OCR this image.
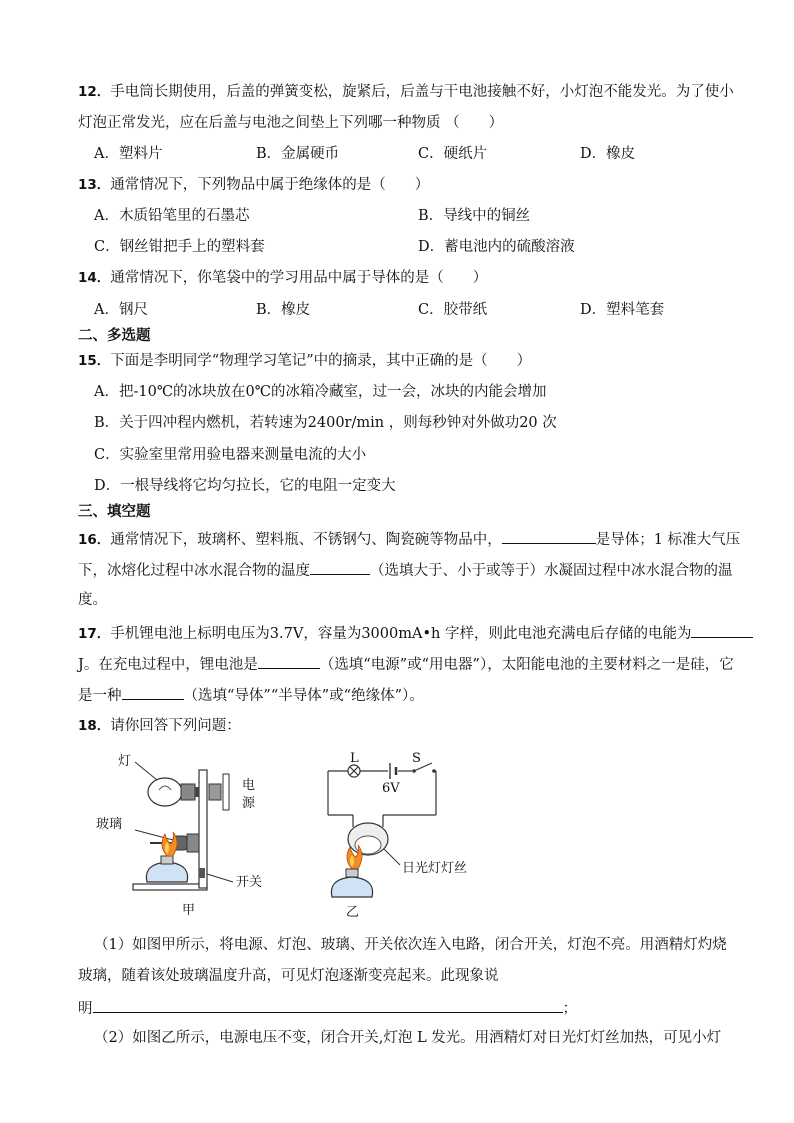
12．手电筒长期使用，后盖的弹簧变松，旋紧后，后盖与干电池接触不好，小灯泡不能发光。为了使小
灯泡正常发光，应在后盖与电池之间垫上下列哪一种物质 （　　）
A．塑料片	B．金属硬币	C．硬纸片	D．橡皮
13．通常情况下，下列物品中属于绝缘体的是（　　）
A．木质铅笔里的石墨芯	B．导线中的铜丝
C．钢丝钳把手上的塑料套	D．蓄电池内的硫酸溶液
14．通常情况下，你笔袋中的学习用品中属于导体的是（　　）
A．钢尺	B．橡皮	C．胶带纸	D．塑料笔套
二、多选题
15．下面是李明同学“物理学习笔记”中的摘录，其中正确的是（　　）
A．把-10℃的冰块放在0℃的冰箱冷藏室，过一会，冰块的内能会增加
B．关于四冲程内燃机，若转速为2400r/min ，则每秒钟对外做功20 次
C．实验室里常用验电器来测量电流的大小
D．一根导线将它均匀拉长，它的电阻一定变大
三、填空题
16．通常情况下，玻璃杯、塑料瓶、不锈钢勺、陶瓷碗等物品中，	是导体；1 标准大气压
下，冰熔化过程中冰水混合物的温度	（选填大于、小于或等于）水凝固过程中冰水混合物的温
度。
17．手机锂电池上标明电压为3.7V，容量为3000mA•h 字样，则此电池充满电后存储的电能为
J。在充电过程中，锂电池是	（选填“电源”或“用电器”），太阳能电池的主要材料之一是硅，它
是一种	（选填“导体”“半导体”或“绝缘体”）。
18．请你回答下列问题：
灯
电
源
玻璃
开关
甲
L	S
6V
日光灯灯丝
乙
（1）如图甲所示，将电源、灯泡、玻璃、开关依次连入电路，闭合开关，灯泡不亮。用酒精灯灼烧
玻璃，随着该处玻璃温度升高，可见灯泡逐渐变亮起来。此现象说
明	；
（2）如图乙所示，电源电压不变，闭合开关,灯泡 L 发光。用酒精灯对日光灯灯丝加热，可见小灯
